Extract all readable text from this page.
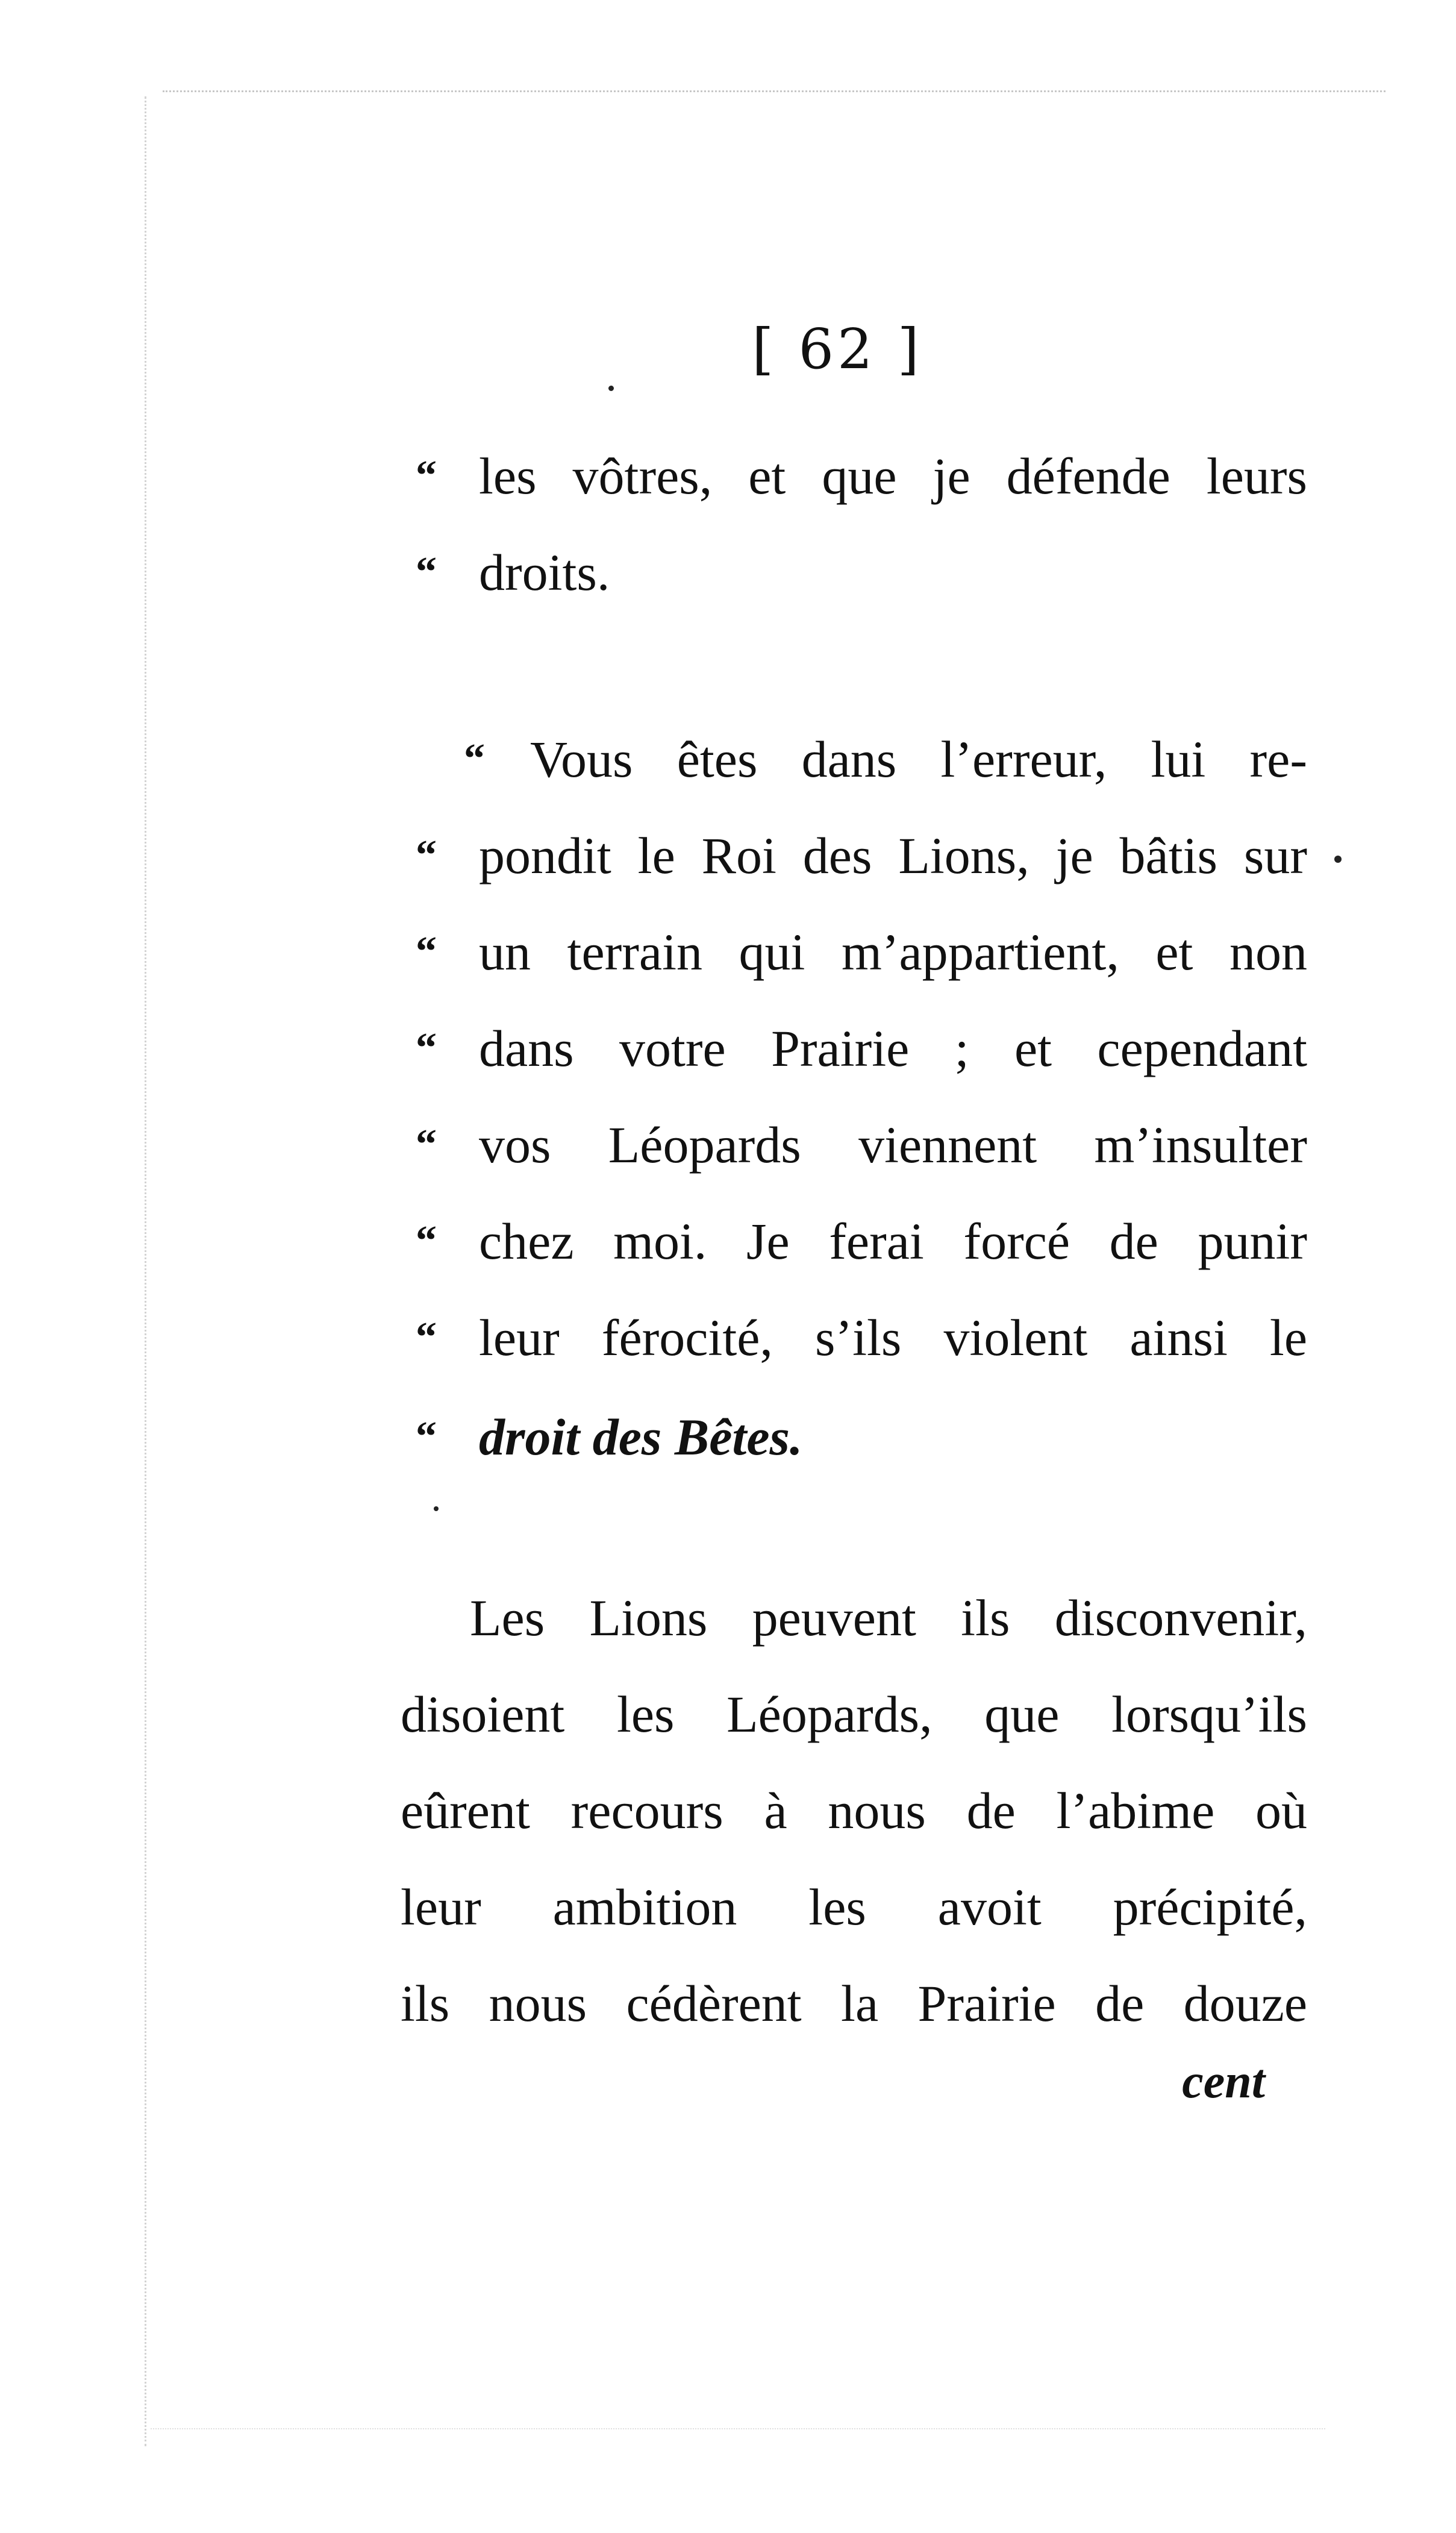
[ 62 ]
“ les vôtres, et que je défende leurs
“ droits.
“ Vous êtes dans l’erreur, lui re-
“ pondit le Roi des Lions, je bâtis sur
“ un terrain qui m’appartient, et non
“ dans votre Prairie ; et cependant
“ vos Léopards viennent m’insulter
“ chez moi. Je ferai forcé de punir
“ leur férocité, s’ils violent ainsi le
“ droit des Bêtes.
Les Lions peuvent ils disconvenir,
disoient les Léopards, que lorsqu’ils
eûrent recours à nous de l’abime où
leur ambition les avoit précipité,
ils nous cédèrent la Prairie de douze
cent
